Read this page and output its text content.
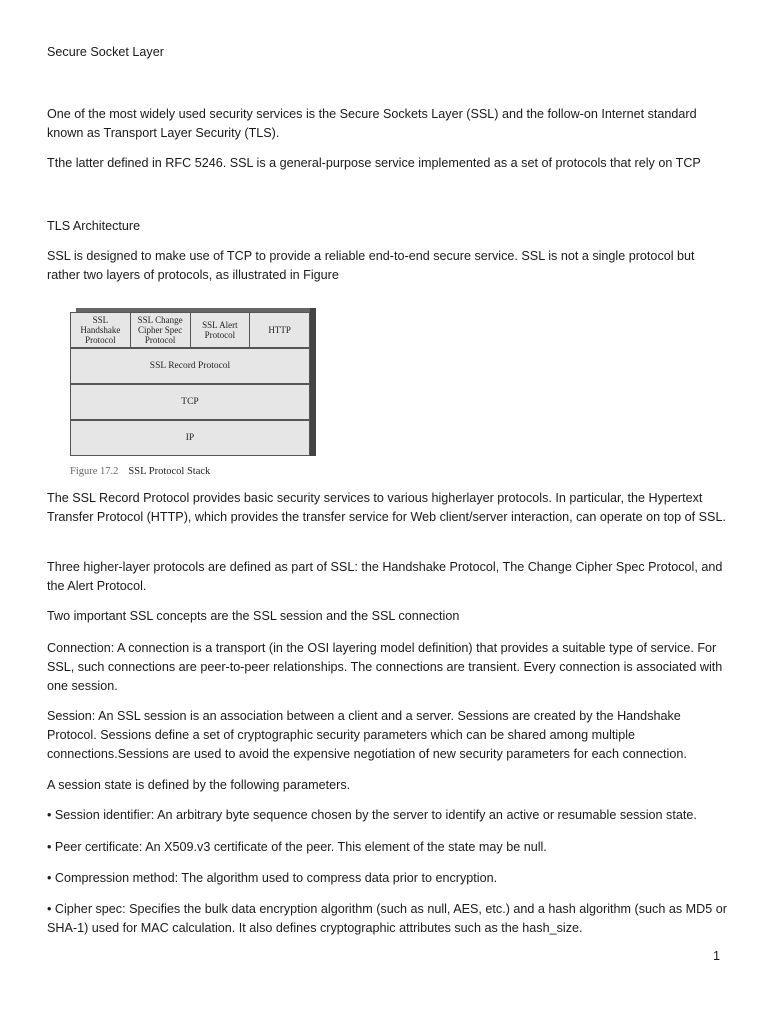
Secure Socket Layer

One of the most widely used security services is the Secure Sockets Layer (SSL) and the follow-on Internet standard known as Transport Layer Security (TLS).

Tthe latter defined in RFC 5246. SSL is a general-purpose service implemented as a set of protocols that rely on TCP

TLS Architecture

SSL is designed to make use of TCP to provide a reliable end-to-end secure service. SSL is not a single protocol but rather two layers of protocols, as illustrated in Figure

SSL Handshake Protocol
SSL Change Cipher Spec Protocol
SSL Alert Protocol	HTTP
SSL Record Protocol
TCP
IP
Figure 17.2 SSL Protocol Stack

The SSL Record Protocol provides basic security services to various higherlayer protocols. In particular, the Hypertext Transfer Protocol (HTTP), which provides the transfer service for Web client/server interaction, can operate on top of SSL.

Three higher-layer protocols are defined as part of SSL: the Handshake Protocol, The Change Cipher Spec Protocol, and the Alert Protocol.

Two important SSL concepts are the SSL session and the SSL connection

Connection: A connection is a transport (in the OSI layering model definition) that provides a suitable type of service. For SSL, such connections are peer-to-peer relationships. The connections are transient. Every connection is associated with one session.

Session: An SSL session is an association between a client and a server. Sessions are created by the Handshake Protocol. Sessions define a set of cryptographic security parameters which can be shared among multiple connections.Sessions are used to avoid the expensive negotiation of new security parameters for each connection.

A session state is defined by the following parameters.

• Session identifier: An arbitrary byte sequence chosen by the server to identify an active or resumable session state.

• Peer certificate: An X509.v3 certificate of the peer. This element of the state may be null.

• Compression method: The algorithm used to compress data prior to encryption.

• Cipher spec: Specifies the bulk data encryption algorithm (such as null, AES, etc.) and a hash algorithm (such as MD5 or SHA-1) used for MAC calculation. It also defines cryptographic attributes such as the hash_size.

1
